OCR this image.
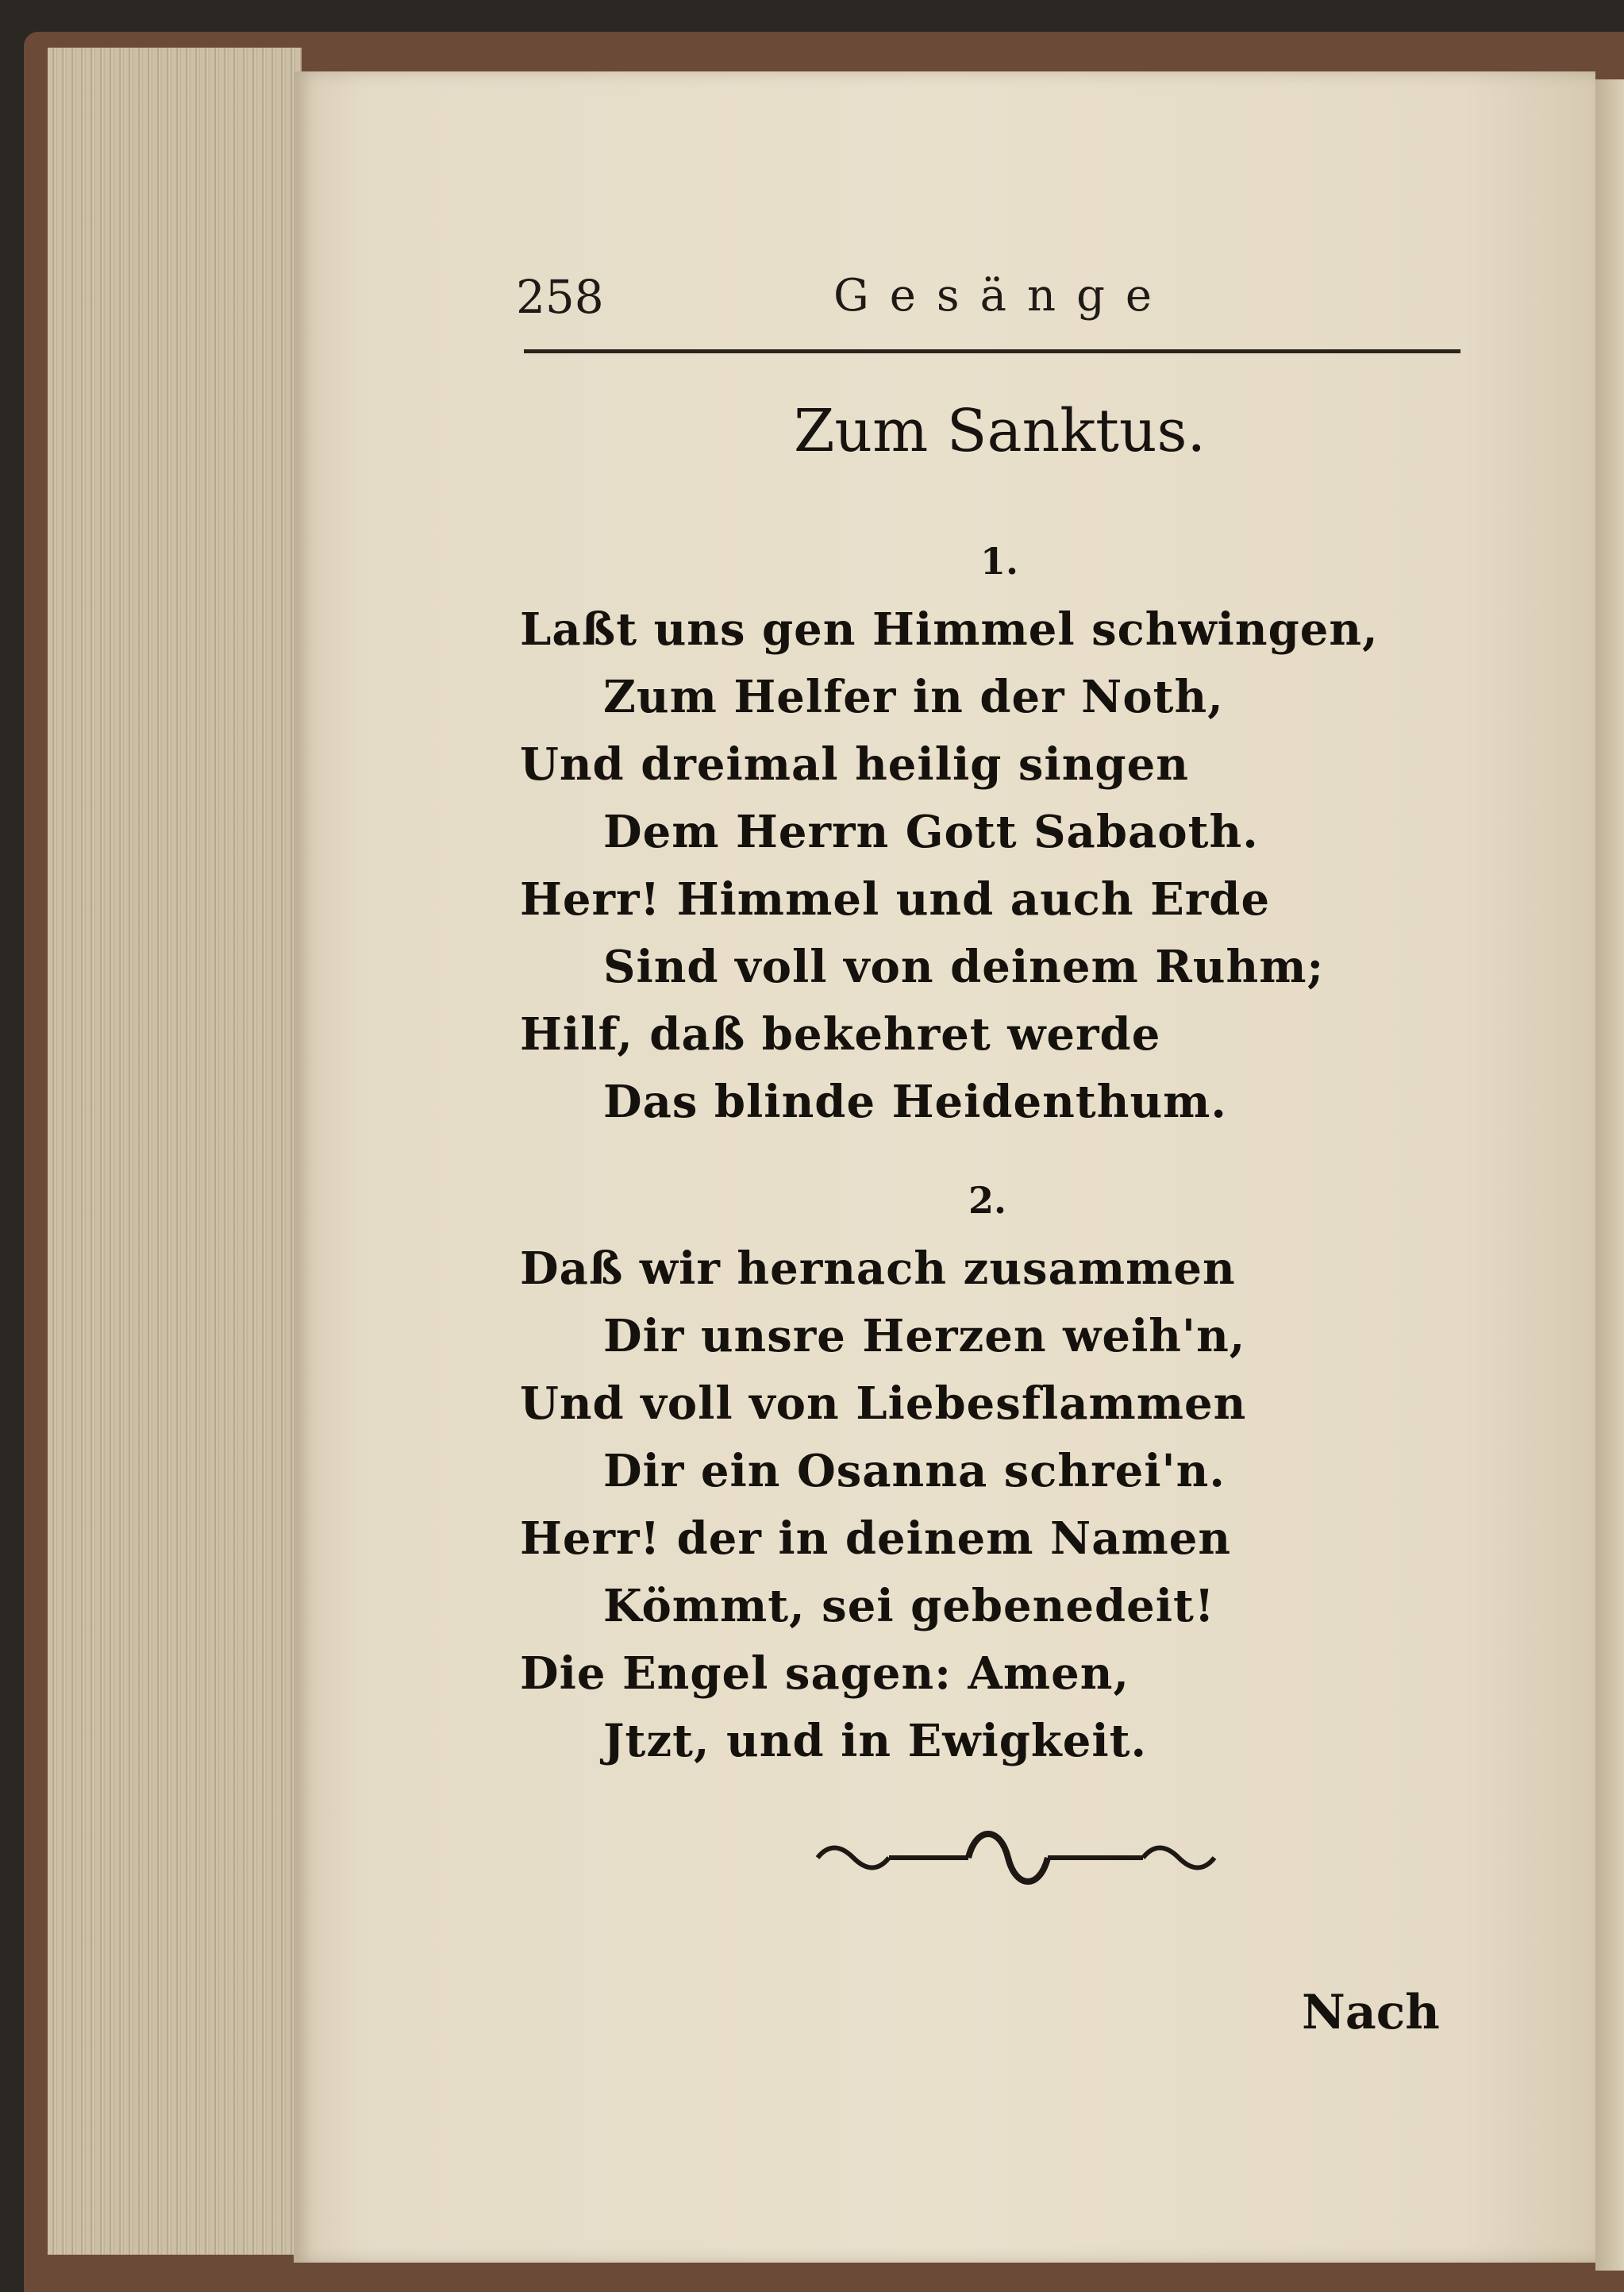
258	Gesänge
Zum Sanktus.
1.
Laßt uns gen Himmel schwingen,
Zum Helfer in der Noth,
Und dreimal heilig singen
Dem Herrn Gott Sabaoth.
Herr! Himmel und auch Erde
Sind voll von deinem Ruhm;
Hilf, daß bekehret werde
Das blinde Heidenthum.
2.
Daß wir hernach zusammen
Dir unsre Herzen weih'n,
Und voll von Liebesflammen
Dir ein Osanna schrei'n.
Herr! der in deinem Namen
Kömmt, sei gebenedeit!
Die Engel sagen: Amen,
Jtzt, und in Ewigkeit.
Nach
